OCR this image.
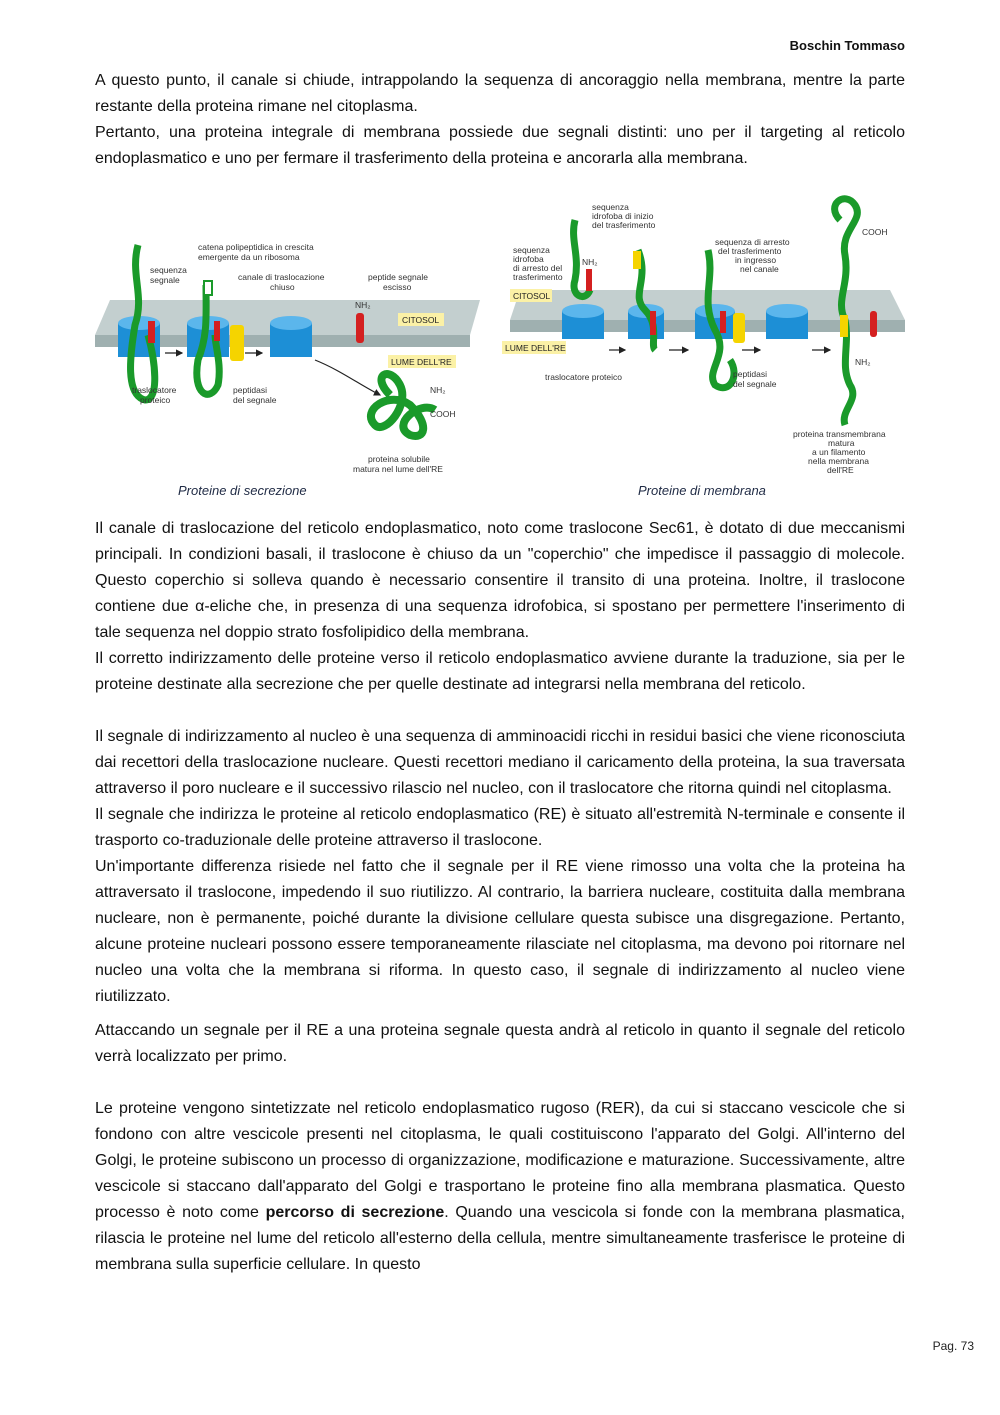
Boschin Tommaso

A questo punto, il canale si chiude, intrappolando la sequenza di ancoraggio nella membrana, mentre la parte restante della proteina rimane nel citoplasma.

Pertanto, una proteina integrale di membrana possiede due segnali distinti: uno per il targeting al reticolo endoplasmatico e uno per fermare il trasferimento della proteina e ancorarla alla membrana.

catena polipeptidica in crescita
emergente da un ribosoma
sequenza
segnale	canale di traslocazione
chiuso
peptide segnale
escisso
NH₂
CITOSOL
LUME DELL'RE
NH₂
COOH
traslocatore
proteico
peptidasi
del segnale
proteina solubile
matura nel lume dell'RE
sequenza
idrofoba di inizio
del trasferimento
sequenza
idrofoba
di arresto del
trasferimento
NH₂
CITOSOL
LUME DELL'RE
sequenza di arresto
del trasferimento
in ingresso
nel canale
COOH
NH₂
traslocatore proteico	peptidasi
del segnale
proteina transmembrana
matura
a un filamento
nella membrana
dell'RE
Proteine di secrezione	Proteine di membrana

Il canale di traslocazione del reticolo endoplasmatico, noto come traslocone Sec61, è dotato di due meccanismi principali. In condizioni basali, il traslocone è chiuso da un "coperchio" che impedisce il passaggio di molecole. Questo coperchio si solleva quando è necessario consentire il transito di una proteina. Inoltre, il traslocone contiene due α-eliche che, in presenza di una sequenza idrofobica, si spostano per permettere l'inserimento di tale sequenza nel doppio strato fosfolipidico della membrana.

Il corretto indirizzamento delle proteine verso il reticolo endoplasmatico avviene durante la traduzione, sia per le proteine destinate alla secrezione che per quelle destinate ad integrarsi nella membrana del reticolo.

Il segnale di indirizzamento al nucleo è una sequenza di amminoacidi ricchi in residui basici che viene riconosciuta dai recettori della traslocazione nucleare. Questi recettori mediano il caricamento della proteina, la sua traversata attraverso il poro nucleare e il successivo rilascio nel nucleo, con il traslocatore che ritorna quindi nel citoplasma.

Il segnale che indirizza le proteine al reticolo endoplasmatico (RE) è situato all'estremità N-terminale e consente il trasporto co-traduzionale delle proteine attraverso il traslocone.

Un'importante differenza risiede nel fatto che il segnale per il RE viene rimosso una volta che la proteina ha attraversato il traslocone, impedendo il suo riutilizzo. Al contrario, la barriera nucleare, costituita dalla membrana nucleare, non è permanente, poiché durante la divisione cellulare questa subisce una disgregazione. Pertanto, alcune proteine nucleari possono essere temporaneamente rilasciate nel citoplasma, ma devono poi ritornare nel nucleo una volta che la membrana si riforma. In questo caso, il segnale di indirizzamento al nucleo viene riutilizzato.

Attaccando un segnale per il RE a una proteina segnale questa andrà al reticolo in quanto il segnale del reticolo verrà localizzato per primo.

Le proteine vengono sintetizzate nel reticolo endoplasmatico rugoso (RER), da cui si staccano vescicole che si fondono con altre vescicole presenti nel citoplasma, le quali costituiscono l'apparato del Golgi. All'interno del Golgi, le proteine subiscono un processo di organizzazione, modificazione e maturazione. Successivamente, altre vescicole si staccano dall'apparato del Golgi e trasportano le proteine fino alla membrana plasmatica. Questo processo è noto come percorso di secrezione. Quando una vescicola si fonde con la membrana plasmatica, rilascia le proteine nel lume del reticolo all'esterno della cellula, mentre simultaneamente trasferisce le proteine di membrana sulla superficie cellulare. In questo

Pag. 73
